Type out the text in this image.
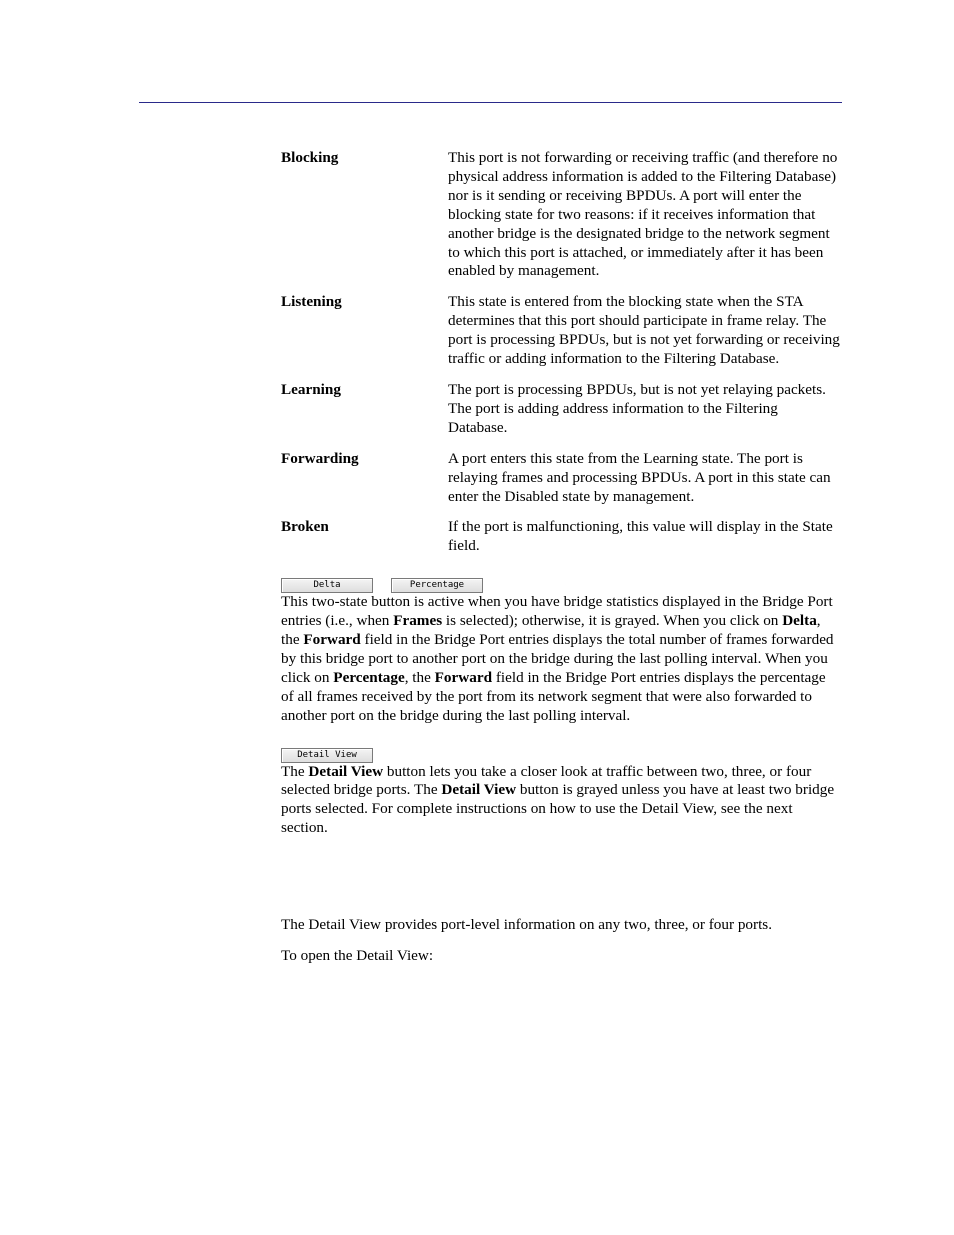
Blocking	This port is not forwarding or receiving traffic (and therefore no physical address information is added to the Filtering Database) nor is it sending or receiving BPDUs. A port will enter the blocking state for two reasons: if it receives information that another bridge is the designated bridge to the network segment to which this port is attached, or immediately after it has been enabled by management.
Listening	This state is entered from the blocking state when the STA determines that this port should participate in frame relay. The port is processing BPDUs, but is not yet forwarding or receiving traffic or adding information to the Filtering Database.
Learning	The port is processing BPDUs, but is not yet relaying packets. The port is adding address information to the Filtering Database.
Forwarding	A port enters this state from the Learning state. The port is relaying frames and processing BPDUs. A port in this state can enter the Disabled state by management.
Broken	If the port is malfunctioning, this value will display in the State field.
Delta	Percentage

This two-state button is active when you have bridge statistics displayed in the Bridge Port entries (i.e., when Frames is selected); otherwise, it is grayed. When you click on Delta, the Forward field in the Bridge Port entries displays the total number of frames forwarded by this bridge port to another port on the bridge during the last polling interval. When you click on Percentage, the Forward field in the Bridge Port entries displays the percentage of all frames received by the port from its network segment that were also forwarded to another port on the bridge during the last polling interval.

Detail View

The Detail View button lets you take a closer look at traffic between two, three, or four selected bridge ports. The Detail View button is grayed unless you have at least two bridge ports selected. For complete instructions on how to use the Detail View, see the next section.

The Detail View provides port-level information on any two, three, or four ports.

To open the Detail View:
